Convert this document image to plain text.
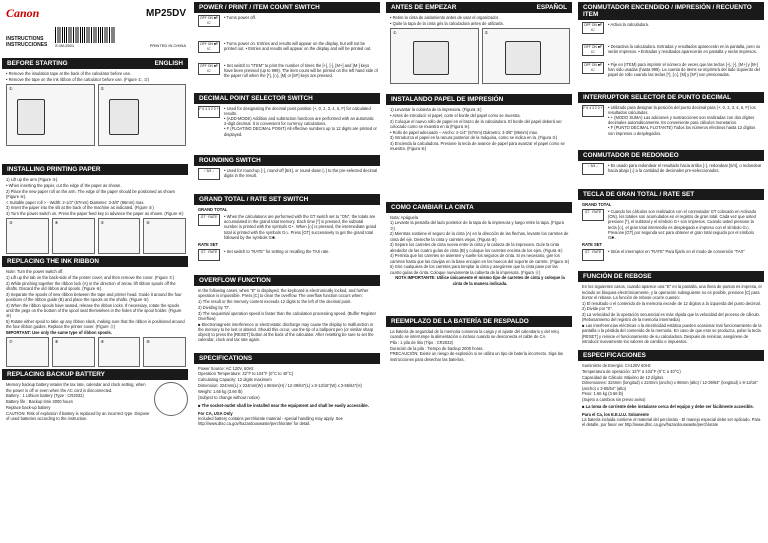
Canon	MP25DV
INSTRUCTIONS
INSTRUCCIONES E-IM-2501	PRINTED IN CHINA
BEFORE STARTING	ENGLISH

• Remove the insulation tape at the back of the calculator before use.

• Remove the tape on the ink ribbon of the calculator before use. (Figure ①, ②)

①	②
INSTALLING PRINTING PAPER

1) Lift up the arm (Figure ③).

• When inserting the paper, cut the edge of the paper as shown.

2) Place the new paper roll on the arm. The edge of the paper should be positioned as shown (Figure ④).

< Suitable paper roll > - Width: 2-1/4" (57mm) Diameter: 3-3/8" (86mm) max.

3) Insert the paper into the slit at the back of the machine as indicated. (Figure ⑤)

4) Turn the power switch on. Press the paper feed key to advance the paper as shown. (Figure ⑥)

③	④	⑤	⑥
REPLACING THE INK RIBBON

Note: Turn the power switch off.

1) Lift up the tab on the back-side of the printer cover, and then remove the cover. (Figure ⑦)

2) While pinching together the ribbon lock (A) in the direction of arrow, lift ribbon spools off the shafts. Discard the old ribbon and spools. (Figure ⑧)

3) Separate the spools of new ribbon between the tape and printer head. Guide it around the four positions of the ribbon guide (B) and place the spools on the shafts. (Figure ⑨)

4) When the ribbon spools have seated, release the ribbon locks. If necessary, rotate the spools until the pegs on the bottom of the spool seat themselves in the holes of the spool holder. (Figure ⑩)

5) Rotate either spool to take up any ribbon slack, making sure that the ribbon is positioned around the four ribbon guides. Replace the printer cover. (Figure ⑪)

IMPORTANT: Use only the same type of ribbon spools.
⑦	⑧	⑨	⑩
REPLACING BACKUP BATTERY

Memory backup battery retains the tax rate, calendar and clock setting, when the power is off or even when the AC cord is disconnected.

Battery : 1 Lithium battery (Type : CR2032)

Battery life : Backup time 3000 hours

Replace back-up battery

CAUTION: Risk of explosion if battery is replaced by an incorrect type. Dispose of used batteries according to the instruction.

POWER / PRINT / ITEM COUNT SWITCH
OFF ON ■P IC
• Turns power off.
OFF ON ■P IC
• Turns power on. Entries and results will appear on the display, but will not be printed out. • Entries and results will appear on the display and will be printed out.
OFF ON ■P IC
• Set switch to "ITEM" to print the number of times the [+], [-], [M+] and [M-] keys have been pressed (up to 999). The item count will be printed on the left hand side of the paper roll when the [*], [◇], [M] or [M*] keys are pressed.
DECIMAL POINT SELECTOR SWITCH
F 6 4 3 2 0 +	• Used for designating the decimal point position (+, 0, 2, 3, 4, 6, F) for calculated results.

• (ADD-MODE) Addition and subtraction functions are performed with an automatic 2-digit decimal. It is convenient for currency calculations.

• F (FLOATING DECIMAL POINT) All effective numbers up to 12 digits are printed or displayed.

ROUNDING SWITCH
↑ 5/4 ↓	• Used for round-up [↑], round-off [5/4], or round-down [↓] to the pre-selected decimal digits in the result.
GRAND TOTAL / RATE SET SWITCH
GRAND TOTAL
GT · RATE	• When the calculations are performed with the GT switch set to "ON", the totals are accumulated in the grand total memory. Each time [*] is pressed, the subtotal number is printed with the symbols G+. When [◇] is pressed, the intermediate grand total is printed with the symbols G◇. Press [GT] successively to get the grand total followed by the symbols G✱.
RATE SET
GT · RATE	• Set switch to "RATE" for setting or recalling the TAX rate.
OVERFLOW FUNCTION

In the following cases, when "E" is displayed, the keyboard is electronically locked, and further operation is impossible. Press [C] to clear the overflow. The overflow function occurs when:

1) The result or the memory content exceeds 12 digits to the left of the decimal point.

2) Dividing by "0".

3) The sequential operation speed is faster than the calculation processing speed. (Buffer Register Overflow)

■ Electromagnetic interference or electrostatic discharge may cause the display to malfunction or the memory to be lost or altered. Should this occur, use the tip of a ballpoint pen (or similar sharp object) to press the [RESET] button at the back of the calculator. After resetting be sure to set the calendar, clock and tax rate again.

SPECIFICATIONS

Power Source: AC 120V, 60Hz

Operation Temperature: 32°F to 104°F (0°C to 40°C)

Calculating Capacity: 12 digits maximum

Dimension: 324mm(L) x 224mm(W) x 86mm(H) / 12-39/64"(L) x 8-13/16"(W) x 3-55/64"(H)

Weight: 1.66 kg (3.66 lb)

(Subject to change without notice)

■ The socket-outlet shall be installed near the equipment and shall be easily accessible.
For CA, USA Only
Included battery contains perchlorate material - special handling may apply. See http://www.dtsc.ca.gov/hazardouswaste/perchlorate/ for detail.
ANTES DE EMPEZAR	ESPAÑOL

• Retire la cinta de aislamiento antes de usar el organizador.

• Quite la tapa de la cinta gris la calculadora antes de utilizarla.

①	②
INSTALANDO PAPEL DE IMPRESIÓN

1) Levantar la cubierta de la impresora. (Figura ③)

• Antes de introducir el papel, corte el borde del papel como se muestra.

2) Coloque el nuevo rollo de papel en el brazo de la calculadora. El borde del papel deberá ser colocado como se muestra en la (Figura ④).

• Rollo de papel adecuado – Ancho: 2-1/4" (57mm) Diámetro: 3-3/8" (86mm) max.

3) Introduzca el papel en la ranura posterior de la máquina, como se indica en la. (Figura ⑤)

4) Encienda la calculadora. Presione la tecla de avance de papel para avanzar el papel como se muestra. (Figura ⑥)

COMO CAMBIAR LA CINTA

Nota: Apáguela

1) Levante la pestaña del lado posterior de la tapa de la impresora y luego retire la tapa. (Figura ⑦)

2) Mientras sostiene el seguro de la cinta (A) en la dirección de las flechas, levante los carretes de cinta del eje. Deseche la cinta y carretes viejos. (Figura ⑧)

3) Separe los carretes de cinta nueva entre la cinta y la cabeza de la impresora. Guíe la cinta alrededor de las cuatro guías de cinta (B) y coloque los carretes encima de los ejes. (Figura ⑨)

4) Permita que los carretes se asienten y suelte los seguros de cinta. Si es necesario, gire los carretes hasta que las clavijas en la base encajen en los huecos del soporte de carrete. (Figura ⑩)

5) Gire cualquiera de los carretes para templar la cinta y asegúrese que la cinta pase por las cuatro guías de cinta. Coloque nuevamente la cubierta de la impresora. (Figura ⑪)

NOTA IMPORTANTE: Utilice únicamente el mismo tipo de carretes de cinta y coloque la cinta de la manera indicada.
REEMPLAZO DE LA BATERÍA DE RESPALDO

La batería de seguridad de la memoria conserva la carga y el ajuste del calendario y del reloj cuando se interrumpe la alimentación o incluso cuando se desconecta el cable de CA.

Pila : 1 pila de litio (Tipo : CR2032)

Duración de la pila : Tiempo de backup 2000 horas.

PRECAUCIÓN: Existe un riesgo de explosión si se utiliza un tipo de batería incorrecto. Siga las instrucciones para desechar las baterías.

CONMUTADOR ENCENDIDO / IMPRESIÓN / RECUENTO ITEM
OFF ON ■P IC
• Activa la calculadora.
OFF ON ■P IC
• Desactiva la calculadora. Entradas y resultados aparecerán en la pantalla, pero no serán impresos. • Entradas y resultados aparecerán en pantalla y serán impresos.
OFF ON ■P IC
• Fije en (ITEM) para imprimir el número de veces que las teclas [+], [-], [M+] y [M-] han sido usadas (hasta 999). La cuenta de items se imprimirá del lado izquierdo del papel de rollo cuando las teclas [*], [◇], [M] y [M*] son presionadas.
INTERRUPTOR SELECTOR DE PUNTO DECIMAL
F 6 4 3 2 0 +	• Utilizado para designar la posición del punto decimal para (+, 0, 2, 3, 4, 6, F) los resultados calculados.

• + (MODO SUMA) Las adiciones y sustracciones son realizadas con dos dígitos decimales automáticamente. Es conveniente para cálculos monetarios.

• F (PUNTO DECIMAL FLOTANTE) Todos los números efectivos hasta 12 dígitos son impresos o desplegados.

CONMUTADOR DE REDONDEO
↑ 5/4 ↓	• Es usado para redondear el resultado hacia arriba [↑], redondear [5/4], o redondear hacia abajo [↓] a la cantidad de decimales pre-seleccionados.
TECLA DE GRAN TOTAL / RATE SET
GRAND TOTAL
GT · RATE	• Cuando los cálculos son realizados con el conmutador GT colocado en Activado (ON), los totales son acumulados en el registro de gran total. Cada vez que usted presione [*], el subtotal y el símbolo G+ son impresos. Cuando usted presione la tecla [◇], el gran total intermedio es desplegado e impreso con el símbolo G◇. Presione [GT] por segunda vez para obtener el gran total seguido por el símbolo G✱.
RATE SET
GT · RATE	• Sitúe el interruptor en "RATE" Para fijarlo en el modo de conversión "TAX"
FUNCIÓN DE REBOSE

En los siguientes casos, cuando aparece una "E" en la pantalla, una línea de puntos es impresa, el teclado se bloquea electrónicamente, y la operación subsiguiente no es posible, presione [C] para borrar el rebase. La función de rebose ocurre cuando:

1) El resultado o el contenido de la memoria excede de 12 dígitos a la izquierda del punto decimal.

2) Divide por "0".

3) La velocidad de la operación secuencial es más rápida que la velocidad del proceso de cálculo. (Rebosamiento del registro de la memoria intermedia)

■ Las interferencias eléctricas o la electricidad estática pueden ocasionar mal funcionamiento de la pantalla o la pérdida del contenido de la memoria. En caso de que esto se produzca, pulse la tecla [RESET] y reinicie el funcionamiento de su calculadora. Después de reiniciar, asegúrese de introducir nuevamente los valores de cambio e impuestos.

ESPECIFICACIONES

Suministro de Energía: CA120V 60Hz

Temperatura de operación: 32°F a 104°F (0°C a 40°C)

Capacidad de Cálculo: Máximo de 12 dígitos

Dimensiones: 324mm (longitud) x 224mm (ancho) x 86mm (alto) / 12-39/64" (longitud) x 8-13/16" (ancho) x 3-55/64" (alto)

Peso: 1.66 kg (3.66 lb)

(Sujeto a cambios sin previo aviso)

■ La toma de corriente debe instalarse cerca del equipo y debe ser fácilmente accesible.
Para el Ca, los E.E.U.U. Solamente
La batería incluida contiene el material del perclorato - El manejo especial debe ser aplicado. Para el detalle, por favor ver http://www.dtsc.ca.gov/hazardouswaste/perchlorate
